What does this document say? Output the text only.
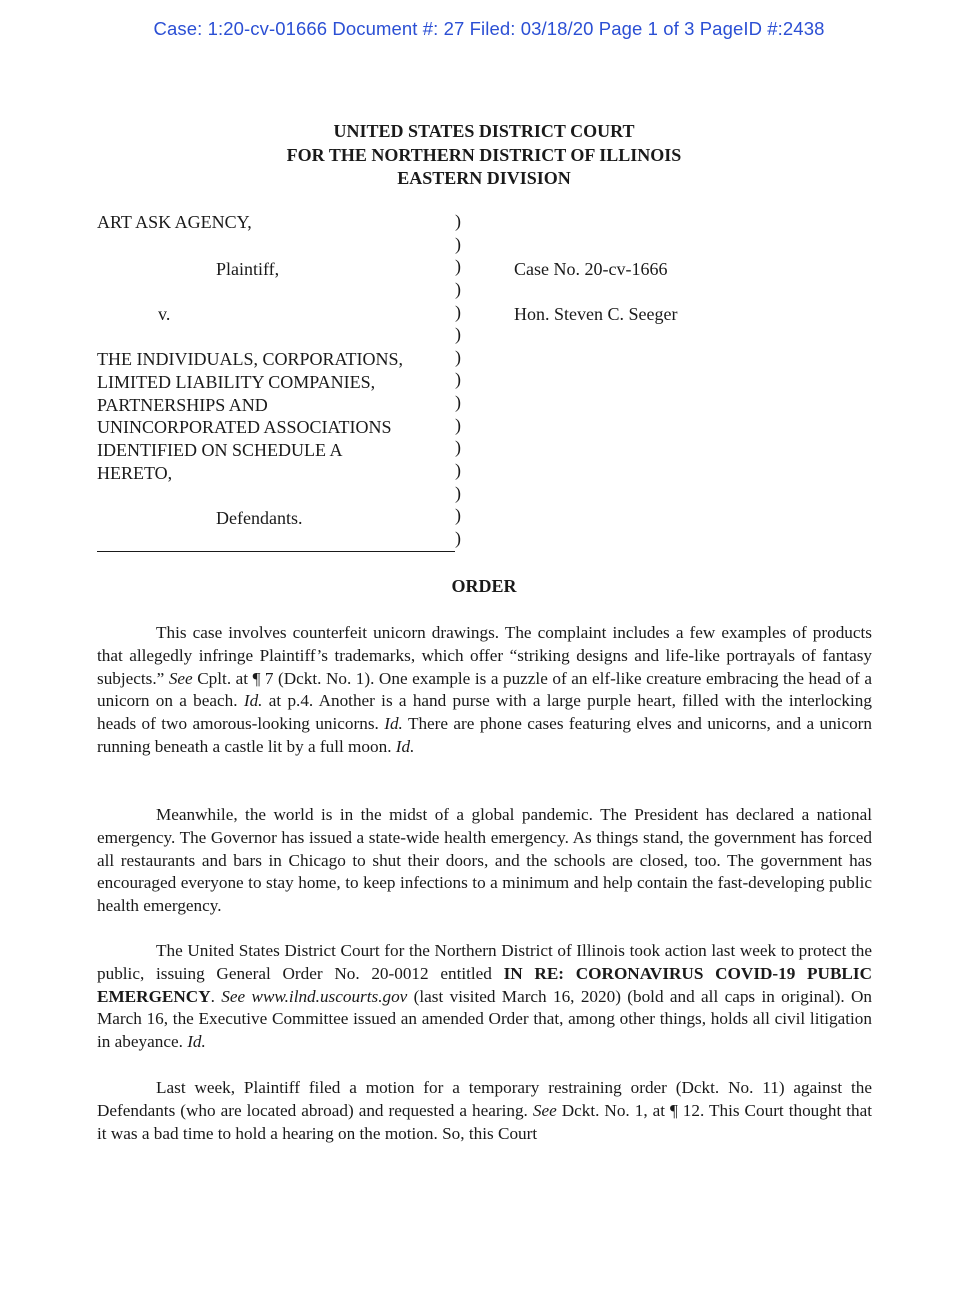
Case: 1:20-cv-01666 Document #: 27 Filed: 03/18/20 Page 1 of 3 PageID #:2438
UNITED STATES DISTRICT COURT
FOR THE NORTHERN DISTRICT OF ILLINOIS
EASTERN DIVISION
ART ASK AGENCY,
Plaintiff,
v.
THE INDIVIDUALS, CORPORATIONS,
LIMITED LIABILITY COMPANIES,
PARTNERSHIPS AND
UNINCORPORATED ASSOCIATIONS
IDENTIFIED ON SCHEDULE A
HERETO,
Defendants.
Case No. 20-cv-1666
Hon. Steven C. Seeger
)
)
)
)
)
)
)
)
)
)
)
)
)
)
)
ORDER

This case involves counterfeit unicorn drawings. The complaint includes a few examples of products that allegedly infringe Plaintiff’s trademarks, which offer “striking designs and life-like portrayals of fantasy subjects.” See Cplt. at ¶ 7 (Dckt. No. 1). One example is a puzzle of an elf-like creature embracing the head of a unicorn on a beach. Id. at p.4. Another is a hand purse with a large purple heart, filled with the interlocking heads of two amorous-looking unicorns. Id. There are phone cases featuring elves and unicorns, and a unicorn running beneath a castle lit by a full moon. Id.

Meanwhile, the world is in the midst of a global pandemic. The President has declared a national emergency. The Governor has issued a state-wide health emergency. As things stand, the government has forced all restaurants and bars in Chicago to shut their doors, and the schools are closed, too. The government has encouraged everyone to stay home, to keep infections to a minimum and help contain the fast-developing public health emergency.

The United States District Court for the Northern District of Illinois took action last week to protect the public, issuing General Order No. 20-0012 entitled IN RE: CORONAVIRUS COVID-19 PUBLIC EMERGENCY. See www.ilnd.uscourts.gov (last visited March 16, 2020) (bold and all caps in original). On March 16, the Executive Committee issued an amended Order that, among other things, holds all civil litigation in abeyance. Id.

Last week, Plaintiff filed a motion for a temporary restraining order (Dckt. No. 11) against the Defendants (who are located abroad) and requested a hearing. See Dckt. No. 1, at ¶ 12. This Court thought that it was a bad time to hold a hearing on the motion. So, this Court
